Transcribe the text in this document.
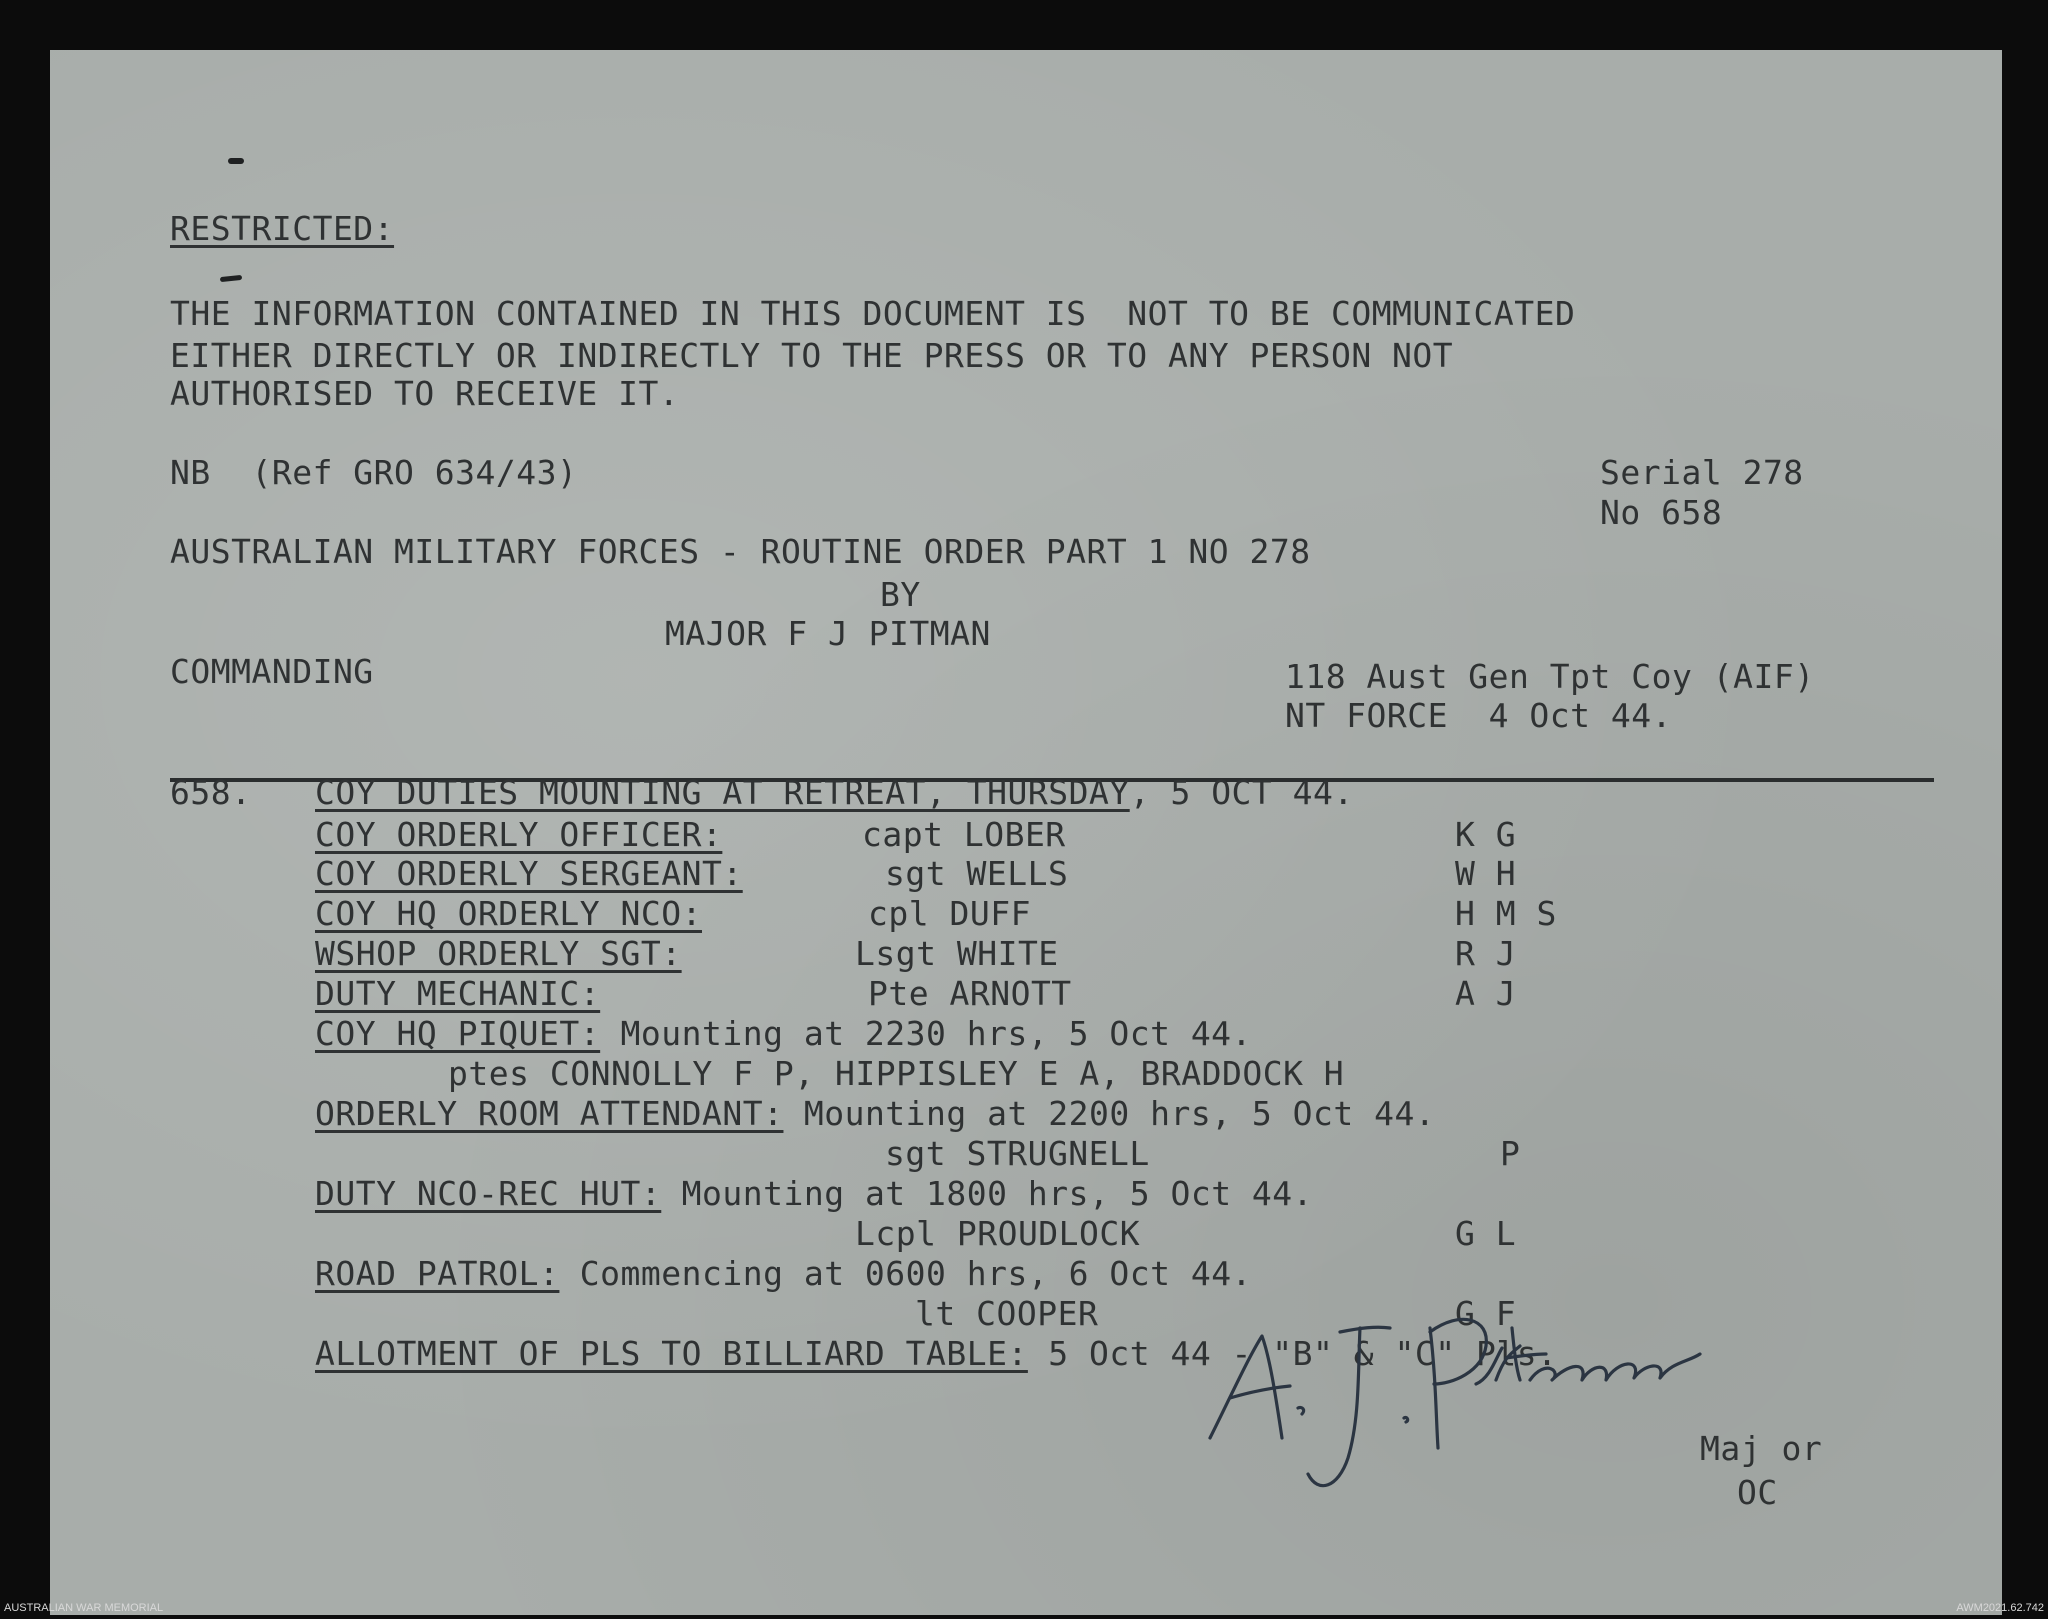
RESTRICTED:
THE INFORMATION CONTAINED IN THIS DOCUMENT IS  NOT TO BE COMMUNICATED
EITHER DIRECTLY OR INDIRECTLY TO THE PRESS OR TO ANY PERSON NOT
AUTHORISED TO RECEIVE IT.
NB  (Ref GRO 634/43)	Serial 278
No 658
AUSTRALIAN MILITARY FORCES - ROUTINE ORDER PART 1 NO 278
BY
MAJOR F J PITMAN
COMMANDING	118 Aust Gen Tpt Coy (AIF)
NT FORCE  4 Oct 44.
658. COY DUTIES MOUNTING AT RETREAT, THURSDAY, 5 OCT 44.
COY ORDERLY OFFICER:	capt LOBER	K G
COY ORDERLY SERGEANT:	sgt WELLS	W H
COY HQ ORDERLY NCO:	cpl DUFF	H M S
WSHOP ORDERLY SGT:	Lsgt WHITE	R J
DUTY MECHANIC:	Pte ARNOTT	A J
COY HQ PIQUET: Mounting at 2230 hrs, 5 Oct 44.
ptes CONNOLLY F P, HIPPISLEY E A, BRADDOCK H
ORDERLY ROOM ATTENDANT: Mounting at 2200 hrs, 5 Oct 44.
sgt STRUGNELL	P
DUTY NCO-REC HUT: Mounting at 1800 hrs, 5 Oct 44.
Lcpl PROUDLOCK	G L
ROAD PATROL: Commencing at 0600 hrs, 6 Oct 44.
lt COOPER	G F
ALLOTMENT OF PLS TO BILLIARD TABLE: 5 Oct 44 - "B" & "C" Pls.
Maj or
OC
AUSTRALIAN WAR MEMORIAL	AWM2021.62.742
